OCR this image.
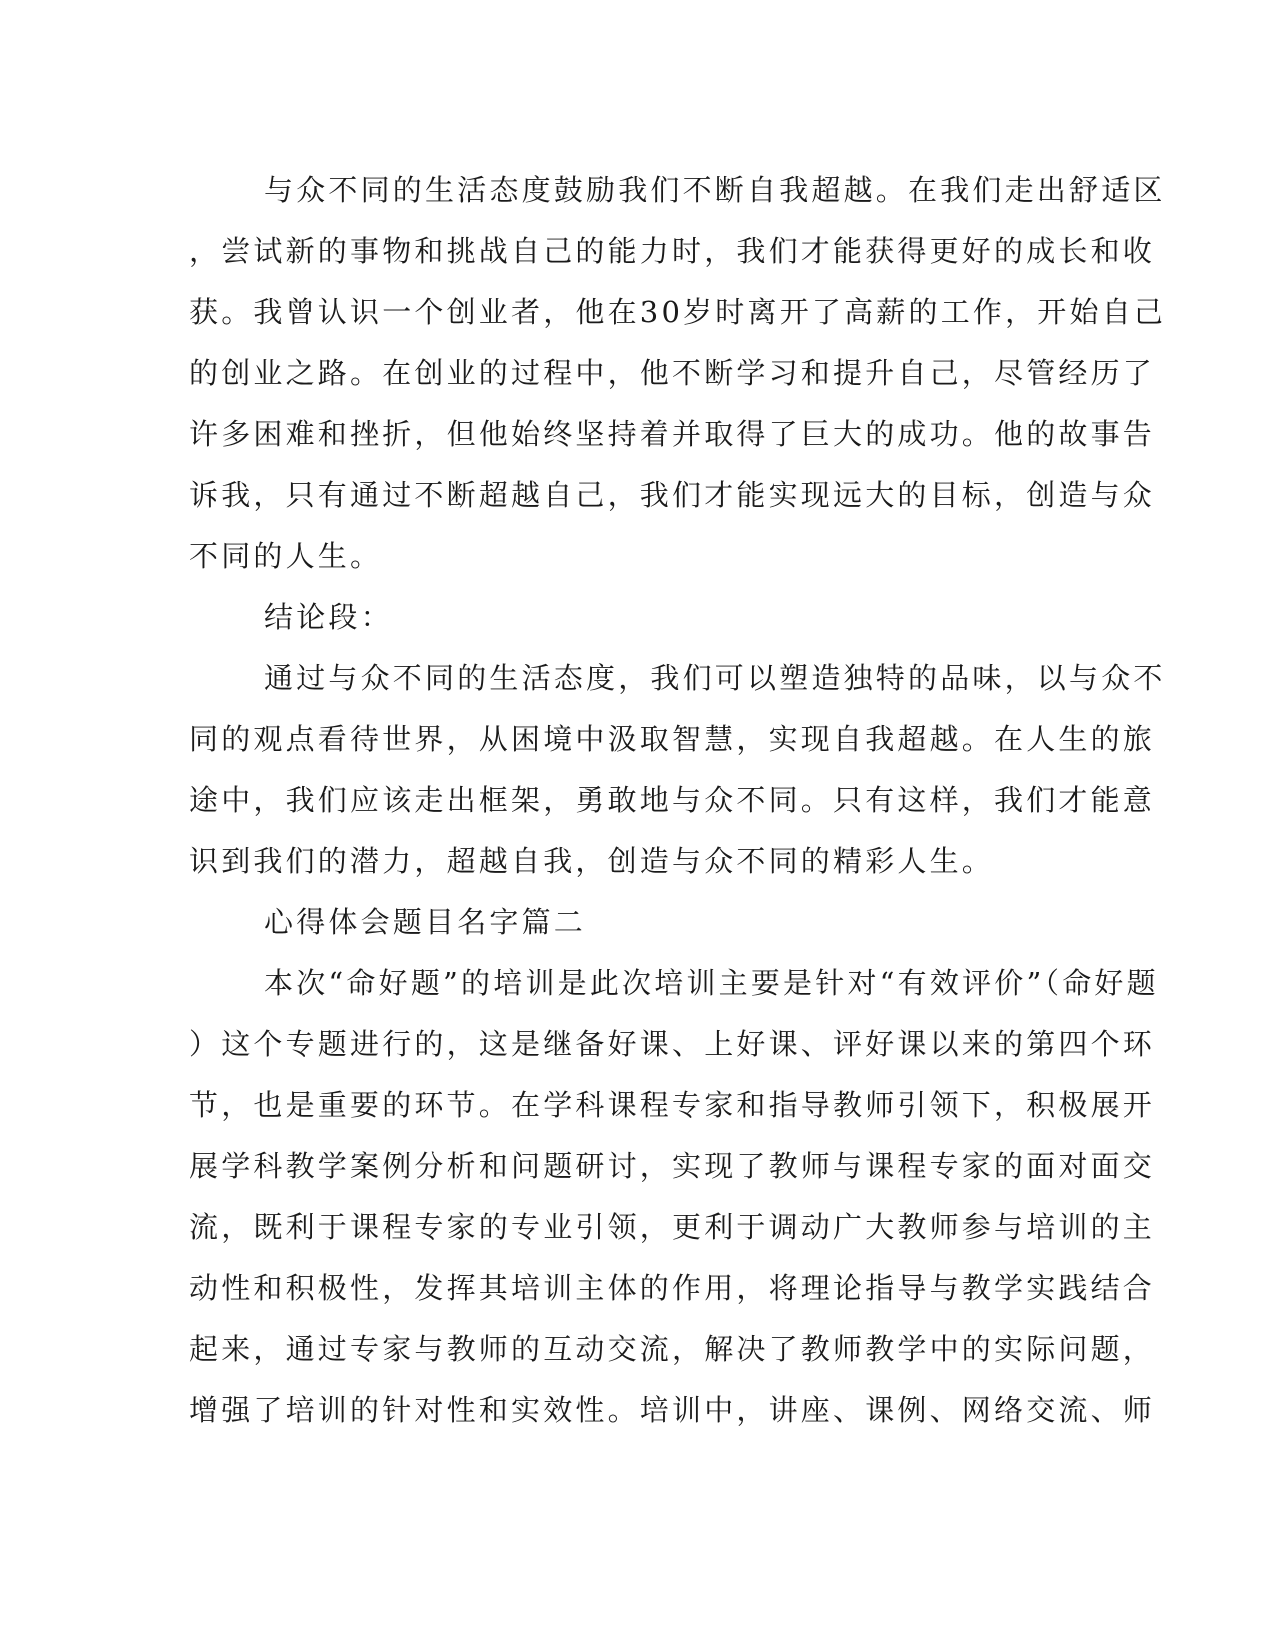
与众不同的生活态度鼓励我们不断自我超越。在我们走出舒适区
，尝试新的事物和挑战自己的能力时，我们才能获得更好的成长和收
获。我曾认识一个创业者，他在30岁时离开了高薪的工作，开始自己
的创业之路。在创业的过程中，他不断学习和提升自己，尽管经历了
许多困难和挫折，但他始终坚持着并取得了巨大的成功。他的故事告
诉我，只有通过不断超越自己，我们才能实现远大的目标，创造与众
不同的人生。
结论段：
通过与众不同的生活态度，我们可以塑造独特的品味，以与众不
同的观点看待世界，从困境中汲取智慧，实现自我超越。在人生的旅
途中，我们应该走出框架，勇敢地与众不同。只有这样，我们才能意
识到我们的潜力，超越自我，创造与众不同的精彩人生。
心得体会题目名字篇二
本次“命好题”的培训是此次培训主要是针对“有效评价”（命好题
）这个专题进行的，这是继备好课、上好课、评好课以来的第四个环
节，也是重要的环节。在学科课程专家和指导教师引领下，积极展开
展学科教学案例分析和问题研讨，实现了教师与课程专家的面对面交
流，既利于课程专家的专业引领，更利于调动广大教师参与培训的主
动性和积极性，发挥其培训主体的作用，将理论指导与教学实践结合
起来，通过专家与教师的互动交流，解决了教师教学中的实际问题，
增强了培训的针对性和实效性。培训中，讲座、课例、网络交流、师
